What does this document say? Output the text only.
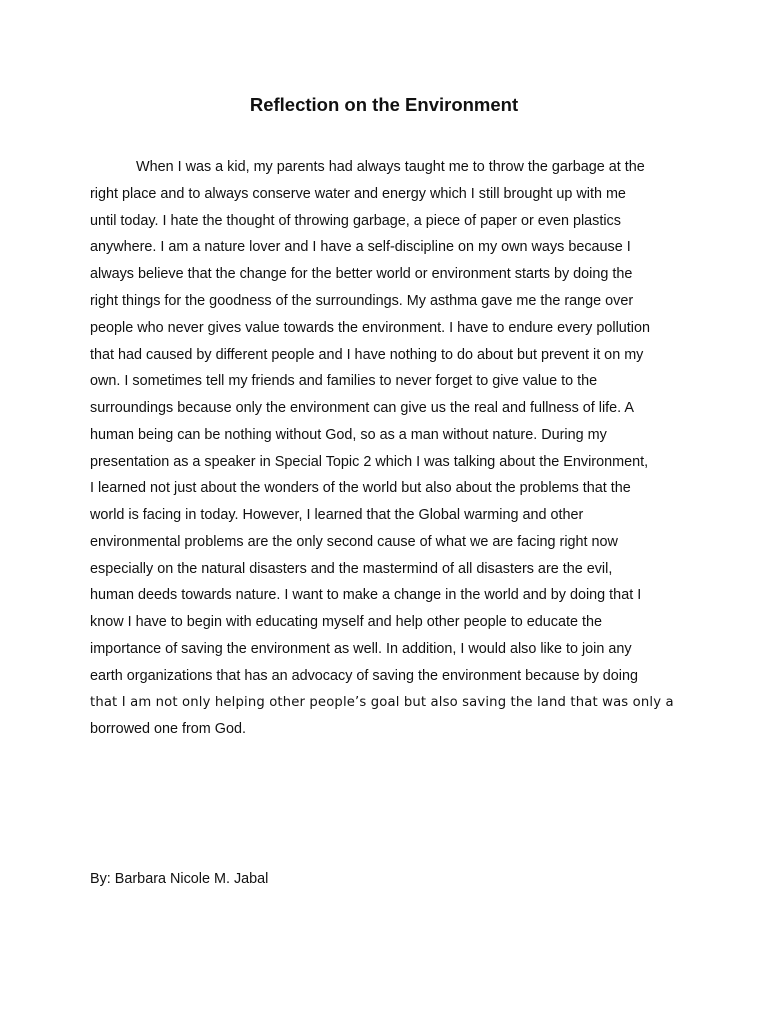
Reflection on the Environment
When I was a kid, my parents had always taught me to throw the garbage at the
right place and to always conserve water and energy which I still brought up with me
until today. I hate the thought of throwing garbage, a piece of paper or even plastics
anywhere. I am a nature lover and I have a self-discipline on my own ways because I
always believe that the change for the better world or environment starts by doing the
right things for the goodness of the surroundings. My asthma gave me the range over
people who never gives value towards the environment. I have to endure every pollution
that had caused by different people and I have nothing to do about but prevent it on my
own. I sometimes tell my friends and families to never forget to give value to the
surroundings because only the environment can give us the real and fullness of life. A
human being can be nothing without God, so as a man without nature. During my
presentation as a speaker in Special Topic 2 which I was talking about the Environment,
I learned not just about the wonders of the world but also about the problems that the
world is facing in today. However, I learned that the Global warming and other
environmental problems are the only second cause of what we are facing right now
especially on the natural disasters and the mastermind of all disasters are the evil,
human deeds towards nature. I want to make a change in the world and by doing that I
know I have to begin with educating myself and help other people to educate the
importance of saving the environment as well. In addition, I would also like to join any
earth organizations that has an advocacy of saving the environment because by doing
that I am not only helping other people’s goal but also saving the land that was only a
borrowed one from God.

By: Barbara Nicole M. Jabal
